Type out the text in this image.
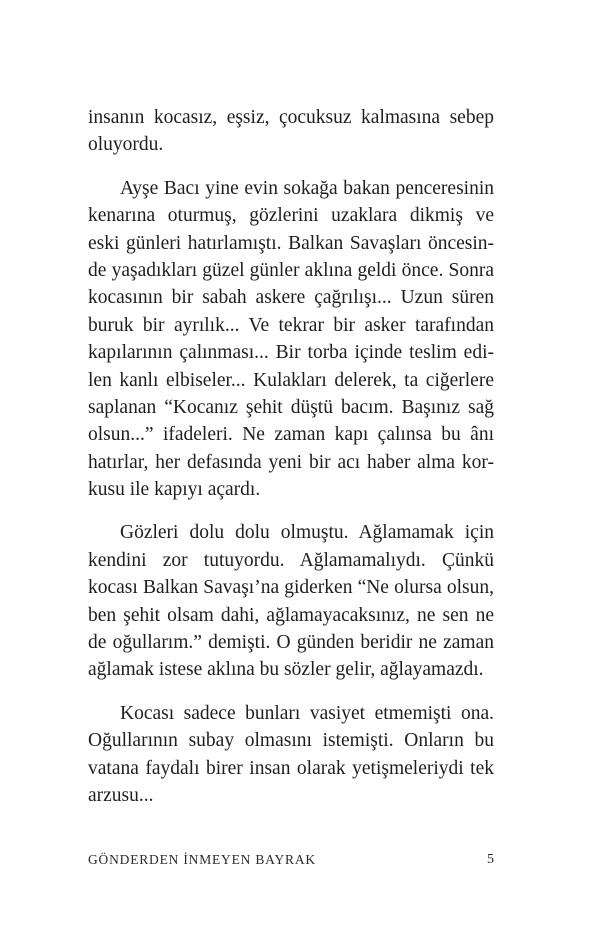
insanın kocasız, eşsiz, çocuksuz kalmasına sebep
oluyordu.

Ayşe Bacı yine evin sokağa bakan penceresinin
kenarına oturmuş, gözlerini uzaklara dikmiş ve
eski günleri hatırlamıştı. Balkan Savaşları öncesin-
de yaşadıkları güzel günler aklına geldi önce. Sonra
kocasının bir sabah askere çağrılışı... Uzun süren
buruk bir ayrılık... Ve tekrar bir asker tarafından
kapılarının çalınması... Bir torba içinde teslim edi-
len kanlı elbiseler... Kulakları delerek, ta ciğerlere
saplanan “Kocanız şehit düştü bacım. Başınız sağ
olsun...” ifadeleri. Ne zaman kapı çalınsa bu ânı
hatırlar, her defasında yeni bir acı haber alma kor-
kusu ile kapıyı açardı.

Gözleri dolu dolu olmuştu. Ağlamamak için
kendini zor tutuyordu. Ağlamamalıydı. Çünkü
kocası Balkan Savaşı’na giderken “Ne olursa olsun,
ben şehit olsam dahi, ağlamayacaksınız, ne sen ne
de oğullarım.” demişti. O günden beridir ne zaman
ağlamak istese aklına bu sözler gelir, ağlayamazdı.

Kocası sadece bunları vasiyet etmemişti ona.
Oğullarının subay olmasını istemişti. Onların bu
vatana faydalı birer insan olarak yetişmeleriydi tek
arzusu...

GÖNDERDEN İNMEYEN BAYRAK	5
